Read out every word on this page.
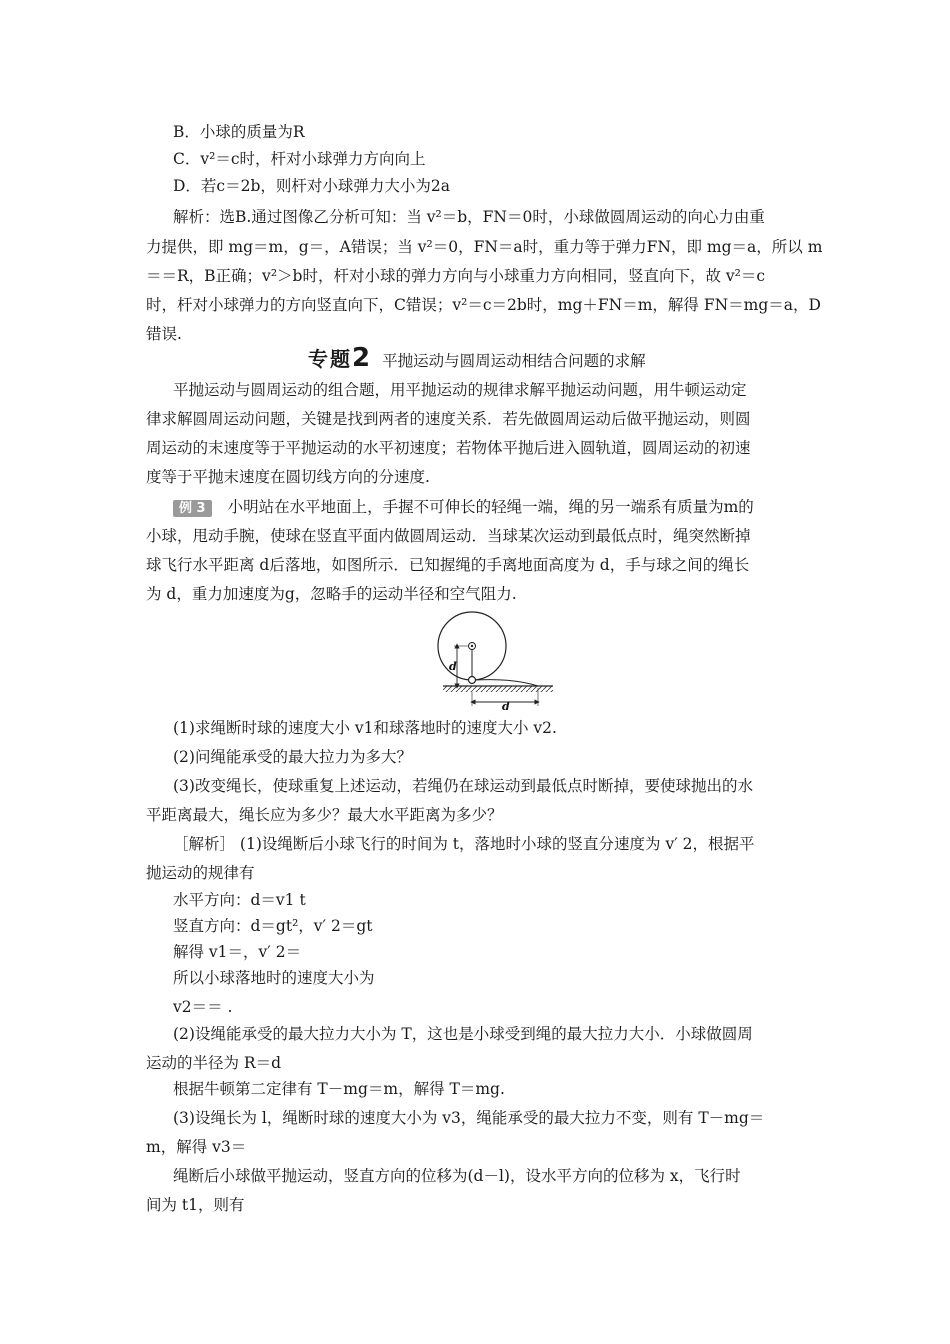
B．小球的质量为R
C．v²＝c时，杆对小球弹力方向向上
D．若c＝2b，则杆对小球弹力大小为2a
解析：选B.通过图像乙分析可知：当 v²＝b，FN＝0时，小球做圆周运动的向心力由重
力提供，即 mg＝m，g＝，A错误；当 v²＝0，FN＝a时，重力等于弹力FN，即 mg＝a，所以 m
＝＝R，B正确；v²＞b时，杆对小球的弹力方向与小球重力方向相同，竖直向下，故 v²＝c
时，杆对小球弹力的方向竖直向下，C错误；v²＝c＝2b时，mg＋FN＝m，解得 FN＝mg＝a，D
错误.
专题2 平抛运动与圆周运动相结合问题的求解
平抛运动与圆周运动的组合题，用平抛运动的规律求解平抛运动问题，用牛顿运动定
律求解圆周运动问题，关键是找到两者的速度关系．若先做圆周运动后做平抛运动，则圆
周运动的末速度等于平抛运动的水平初速度；若物体平抛后进入圆轨道，圆周运动的初速
度等于平抛末速度在圆切线方向的分速度.
例 3 小明站在水平地面上，手握不可伸长的轻绳一端，绳的另一端系有质量为m的
小球，甩动手腕，使球在竖直平面内做圆周运动．当球某次运动到最低点时，绳突然断掉
球飞行水平距离 d后落地，如图所示．已知握绳的手离地面高度为 d，手与球之间的绳长
为 d，重力加速度为g，忽略手的运动半径和空气阻力.
d
d
(1)求绳断时球的速度大小 v1和球落地时的速度大小 v2.
(2)问绳能承受的最大拉力为多大？
(3)改变绳长，使球重复上述运动，若绳仍在球运动到最低点时断掉，要使球抛出的水
平距离最大，绳长应为多少？最大水平距离为多少？
［解析］ (1)设绳断后小球飞行的时间为 t，落地时小球的竖直分速度为 v′ 2，根据平
抛运动的规律有
水平方向：d＝v1 t
竖直方向：d＝gt²，v′ 2＝gt
解得 v1＝，v′ 2＝
所以小球落地时的速度大小为
v2＝＝ .
(2)设绳能承受的最大拉力大小为 T，这也是小球受到绳的最大拉力大小．小球做圆周
运动的半径为 R＝d
根据牛顿第二定律有 T－mg＝m，解得 T＝mg.
(3)设绳长为 l，绳断时球的速度大小为 v3，绳能承受的最大拉力不变，则有 T－mg＝
m，解得 v3＝
绳断后小球做平抛运动，竖直方向的位移为(d－l)，设水平方向的位移为 x，飞行时
间为 t1，则有
